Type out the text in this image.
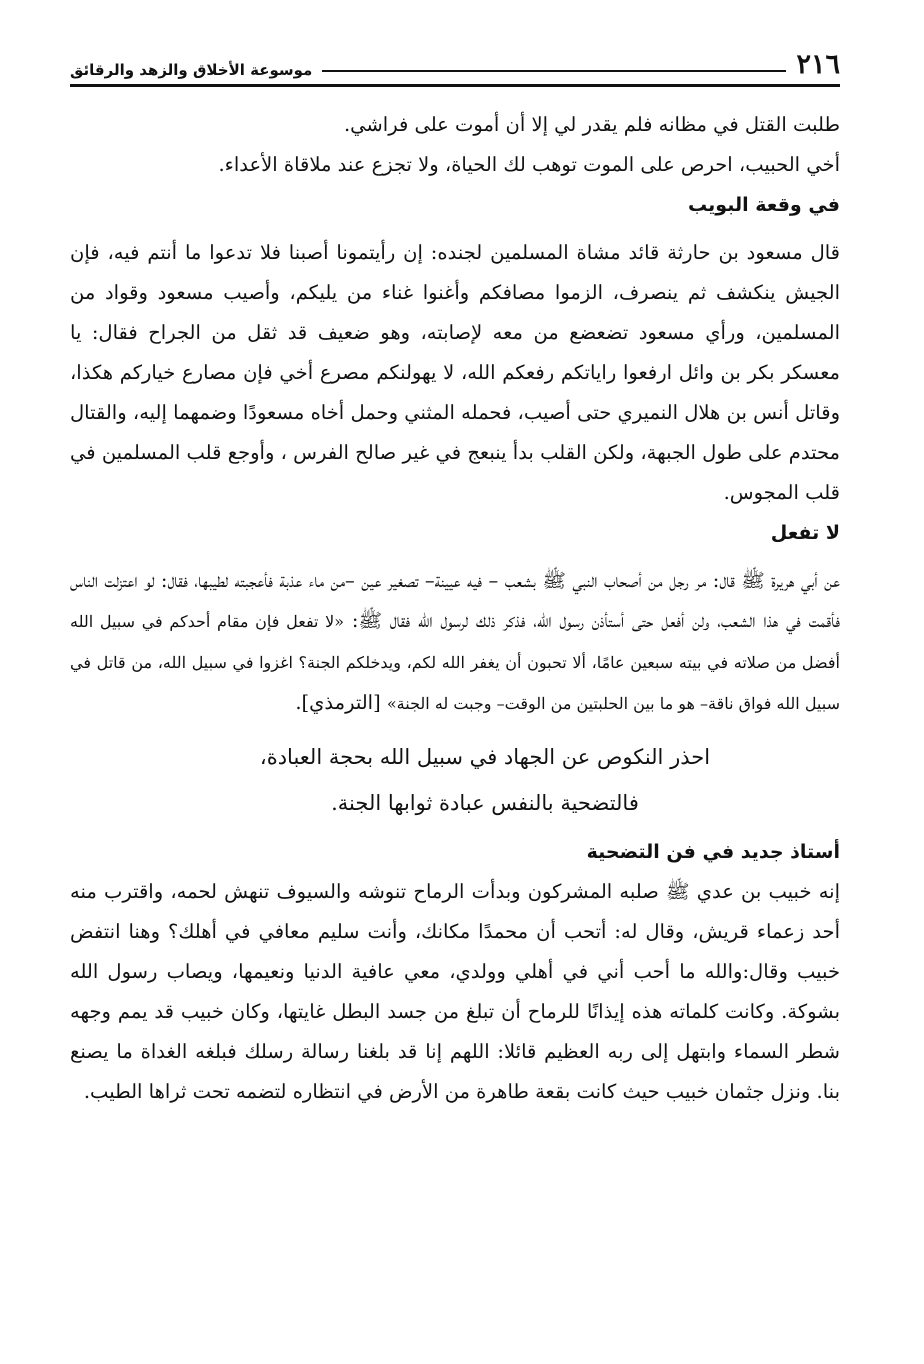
٢١٦
موسوعة الأخلاق والزهد والرقائق

طلبت القتل في مظانه فلم يقدر لي إلا أن أموت على فراشي.

أخي الحبيب، احرص على الموت توهب لك الحياة، ولا تجزع عند ملاقاة الأعداء.

في وقعة البويب

قال مسعود بن حارثة قائد مشاة المسلمين لجنده: إن رأيتمونا أصبنا فلا تدعوا ما أنتم فيه، فإن الجيش ينكشف ثم ينصرف، الزموا مصافكم وأغنوا غناء من يليكم، وأصيب مسعود وقواد من المسلمين، ورأي مسعود تضعضع من معه لإصابته، وهو ضعيف قد ثقل من الجراح فقال: يا معسكر بكر بن وائل ارفعوا راياتكم رفعكم الله، لا يهولنكم مصرع أخي فإن مصارع خياركم هكذا، وقاتل أنس بن هلال النميري حتى أصيب، فحمله المثني وحمل أخاه مسعودًا وضمهما إليه، والقتال محتدم على طول الجبهة، ولكن القلب بدأ ينبعج في غير صالح الفرس ، وأوجع قلب المسلمين في قلب المجوس.

لا تفعل

عن أبي هريرة ﷺ قال: مر رجل من أصحاب النبي ﷺ بشعب – فيه عيينة– تصغير عين –من ماء عذبة فأعجبته لطيبها، فقال: لو اعتزلت الناس فأقمت في هذا الشعب، ولن أفعل حتى أستأذن رسول الله، فذكر ذلك لرسول الله فقال ﷺ: «لا تفعل فإن مقام أحدكم في سبيل الله أفضل من صلاته في بيته سبعين عامًا، ألا تحبون أن يغفر الله لكم، ويدخلكم الجنة؟ اغزوا في سبيل الله، من قاتل في سبيل الله فواق ناقة– هو ما بين الحلبتين من الوقت– وجبت له الجنة» [الترمذي].

احذر النكوص عن الجهاد في سبيل الله بحجة العبادة،

فالتضحية بالنفس عبادة ثوابها الجنة.

أستاذ جديد في فن التضحية

إنه خبيب بن عدي ﷺ صلبه المشركون وبدأت الرماح تنوشه والسيوف تنهش لحمه، واقترب منه أحد زعماء قريش، وقال له: أتحب أن محمدًا مكانك، وأنت سليم معافي في أهلك؟ وهنا انتفض خبيب وقال:والله ما أحب أني في أهلي وولدي، معي عافية الدنيا ونعيمها، ويصاب رسول الله بشوكة. وكانت كلماته هذه إيذانًا للرماح أن تبلغ من جسد البطل غايتها، وكان خبيب قد يمم وجهه شطر السماء وابتهل إلى ربه العظيم قائلا: اللهم إنا قد بلغنا رسالة رسلك فبلغه الغداة ما يصنع بنا. ونزل جثمان خبيب حيث كانت بقعة طاهرة من الأرض في انتظاره لتضمه تحت ثراها الطيب.
